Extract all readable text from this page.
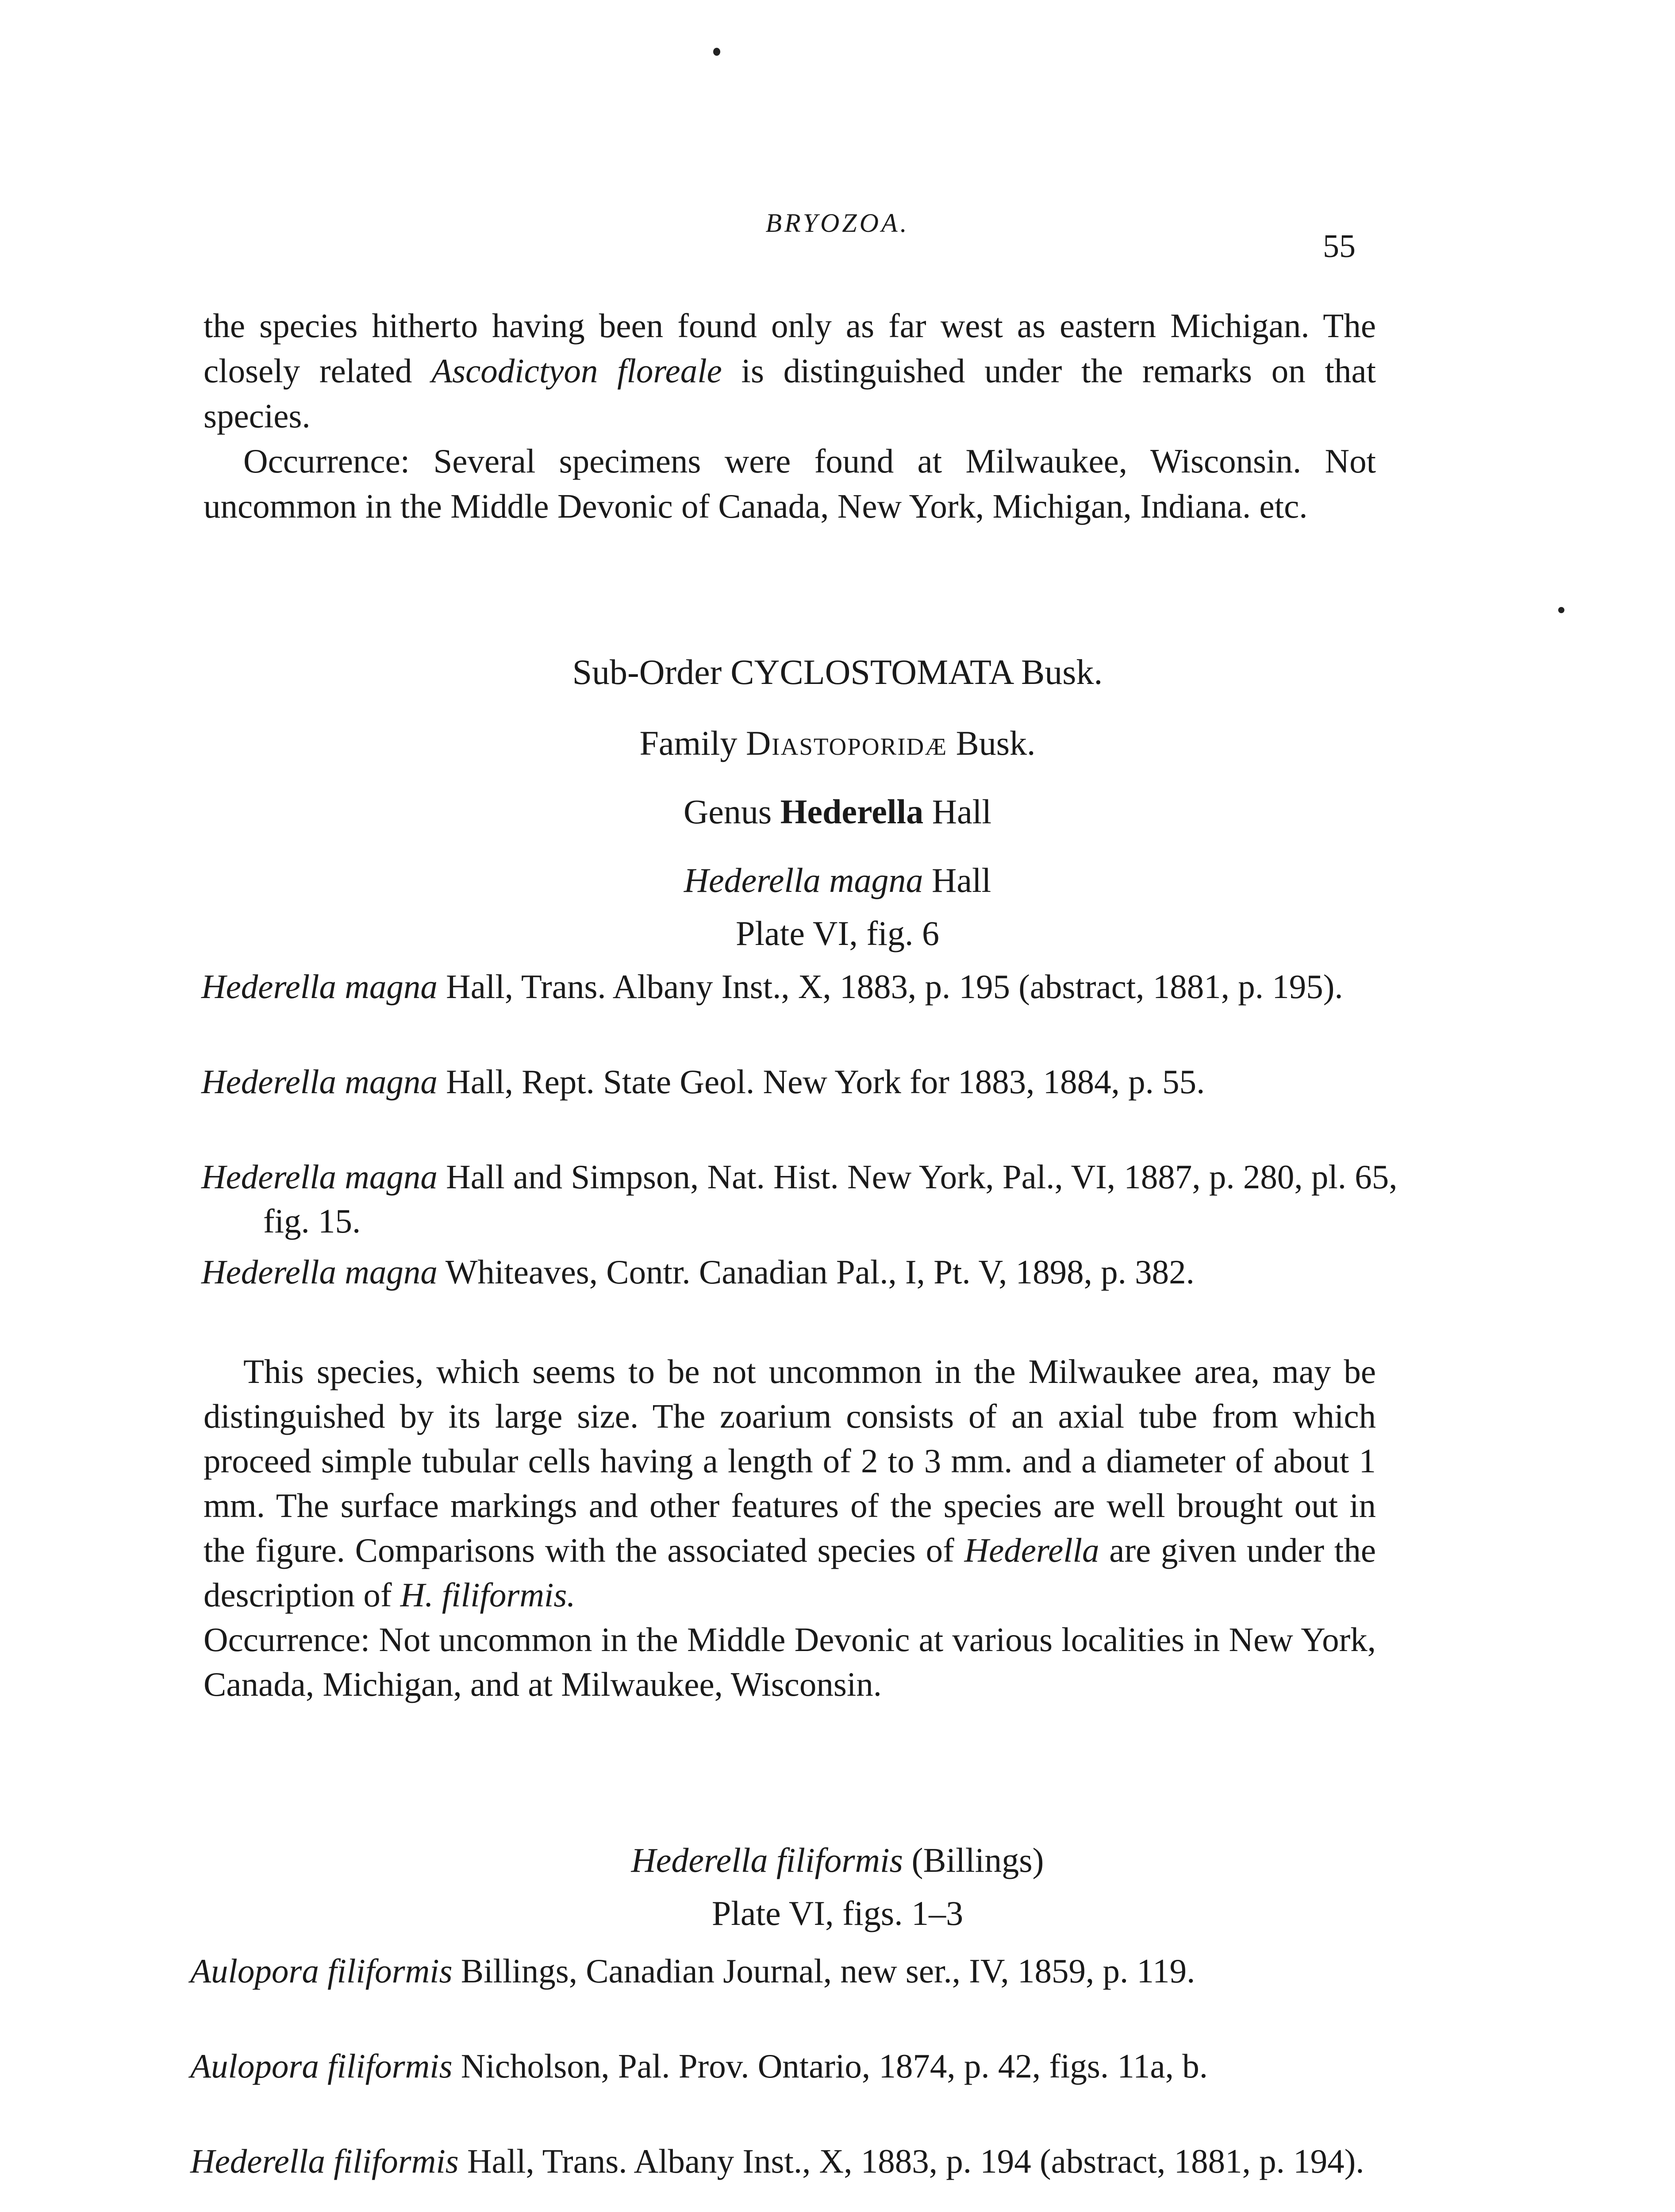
BRYOZOA.
55

the species hitherto having been found only as far west as eastern Michigan. The closely related Ascodictyon floreale is distinguished under the remarks on that species.

Occurrence: Several specimens were found at Milwaukee, Wisconsin. Not uncommon in the Middle Devonic of Canada, New York, Michigan, Indiana. etc.

Sub-Order CYCLOSTOMATA Busk.
Family Diastoporidæ Busk.
Genus Hederella Hall
Hederella magna Hall
Plate VI, fig. 6
Hederella magna Hall, Trans. Albany Inst., X, 1883, p. 195 (abstract, 1881, p. 195).
Hederella magna Hall, Rept. State Geol. New York for 1883, 1884, p. 55.
Hederella magna Hall and Simpson, Nat. Hist. New York, Pal., VI, 1887, p. 280, pl. 65, fig. 15.
Hederella magna Whiteaves, Contr. Canadian Pal., I, Pt. V, 1898, p. 382.

This species, which seems to be not uncommon in the Milwaukee area, may be distinguished by its large size. The zoarium consists of an axial tube from which proceed simple tubular cells having a length of 2 to 3 mm. and a diameter of about 1 mm. The surface markings and other features of the species are well brought out in the figure. Comparisons with the associated species of Hederella are given under the description of H. filiformis.

Occurrence: Not uncommon in the Middle Devonic at various localities in New York, Canada, Michigan, and at Milwaukee, Wisconsin.

Hederella filiformis (Billings)
Plate VI, figs. 1–3
Aulopora filiformis Billings, Canadian Journal, new ser., IV, 1859, p. 119.
Aulopora filiformis Nicholson, Pal. Prov. Ontario, 1874, p. 42, figs. 11a, b.
Hederella filiformis Hall, Trans. Albany Inst., X, 1883, p. 194 (abstract, 1881, p. 194).
